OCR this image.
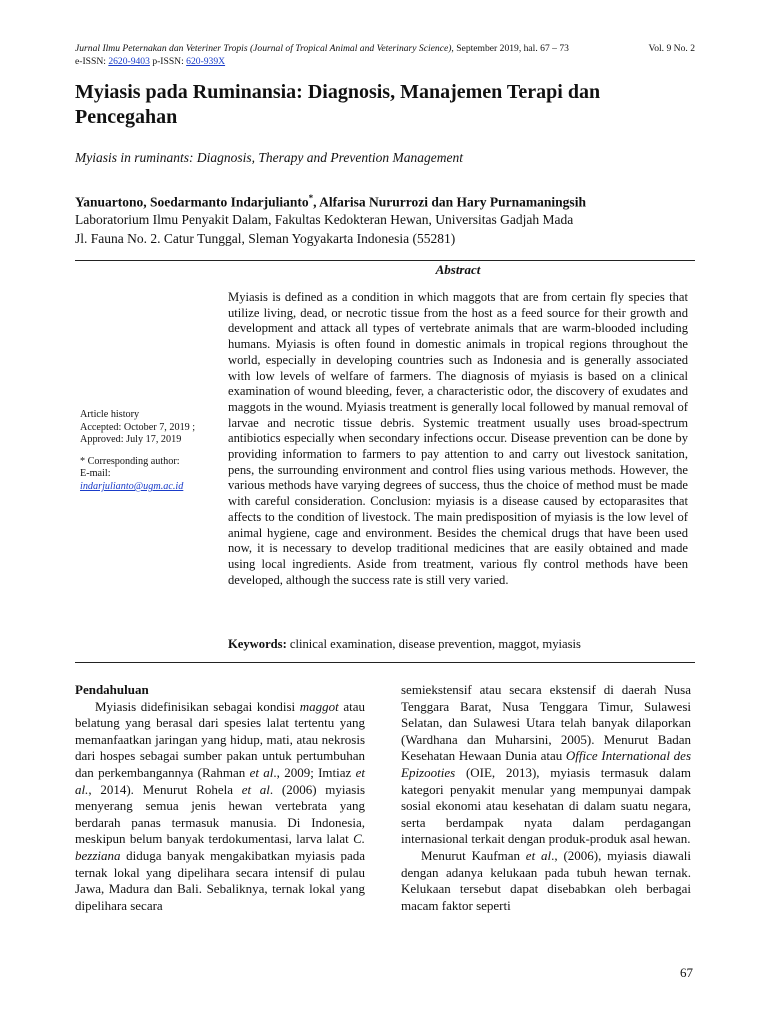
Jurnal Ilmu Peternakan dan Veteriner Tropis (Journal of Tropical Animal and Veterinary Science), September 2019, hal. 67 – 73	Vol. 9 No. 2

e-ISSN: 2620-9403 p-ISSN: 620-939X
Myiasis pada Ruminansia: Diagnosis, Manajemen Terapi dan Pencegahan
Myiasis in ruminants: Diagnosis, Therapy and Prevention Management
Yanuartono, Soedarmanto Indarjulianto*, Alfarisa Nururrozi dan Hary Purnamaningsih
Laboratorium Ilmu Penyakit Dalam, Fakultas Kedokteran Hewan, Universitas Gadjah Mada
Jl. Fauna No. 2. Catur Tunggal, Sleman Yogyakarta Indonesia (55281)
Abstract
Myiasis is defined as a condition in which maggots that are from certain fly species that utilize living, dead, or necrotic tissue from the host as a feed source for their growth and development and attack all types of vertebrate animals that are warm-blooded including humans. Myiasis is often found in domestic animals in tropical regions throughout the world, especially in developing countries such as Indonesia and is generally associated with low levels of welfare of farmers. The diagnosis of myiasis is based on a clinical examination of wound bleeding, fever, a characteristic odor, the discovery of exudates and maggots in the wound. Myiasis treatment is generally local followed by manual removal of larvae and necrotic tissue debris. Systemic treatment usually uses broad-spectrum antibiotics especially when secondary infections occur. Disease prevention can be done by providing information to farmers to pay attention to and carry out livestock sanitation, pens, the surrounding environment and control flies using various methods. However, the various methods have varying degrees of success, thus the choice of method must be made with careful consideration. Conclusion: myiasis is a disease caused by ectoparasites that affects to the condition of livestock. The main predisposition of myiasis is the low level of animal hygiene, cage and environment. Besides the chemical drugs that have been used now, it is necessary to develop traditional medicines that are easily obtained and made using local ingredients. Aside from treatment, various fly control methods have been developed, although the success rate is still very varied.

Article history

Accepted: October 7, 2019 ;

Approved: July 17, 2019

* Corresponding author:

E-mail:

indarjulianto@ugm.ac.id

Keywords: clinical examination, disease prevention, maggot, myiasis

Pendahuluan

Myiasis didefinisikan sebagai kondisi maggot atau belatung yang berasal dari spesies lalat tertentu yang memanfaatkan jaringan yang hidup, mati, atau nekrosis dari hospes sebagai sumber pakan untuk pertumbuhan dan perkembangannya (Rahman et al., 2009; Imtiaz et al., 2014). Menurut Rohela et al. (2006) myiasis menyerang semua jenis hewan vertebrata yang berdarah panas termasuk manusia. Di Indonesia, meskipun belum banyak terdokumentasi, larva lalat C. bezziana diduga banyak mengakibatkan myiasis pada ternak lokal yang dipelihara secara intensif di pulau Jawa, Madura dan Bali. Sebaliknya, ternak lokal yang dipelihara secara

semiekstensif atau secara ekstensif di daerah Nusa Tenggara Barat, Nusa Tenggara Timur, Sulawesi Selatan, dan Sulawesi Utara telah banyak dilaporkan (Wardhana dan Muharsini, 2005). Menurut Badan Kesehatan Hewaan Dunia atau Office International des Epizooties (OIE, 2013), myiasis termasuk dalam kategori penyakit menular yang mempunyai dampak sosial ekonomi atau kesehatan di dalam suatu negara, serta berdampak nyata dalam perdagangan internasional terkait dengan produk-produk asal hewan.

Menurut Kaufman et al., (2006), myiasis diawali dengan adanya kelukaan pada tubuh hewan ternak. Kelukaan tersebut dapat disebabkan oleh berbagai macam faktor seperti

67
